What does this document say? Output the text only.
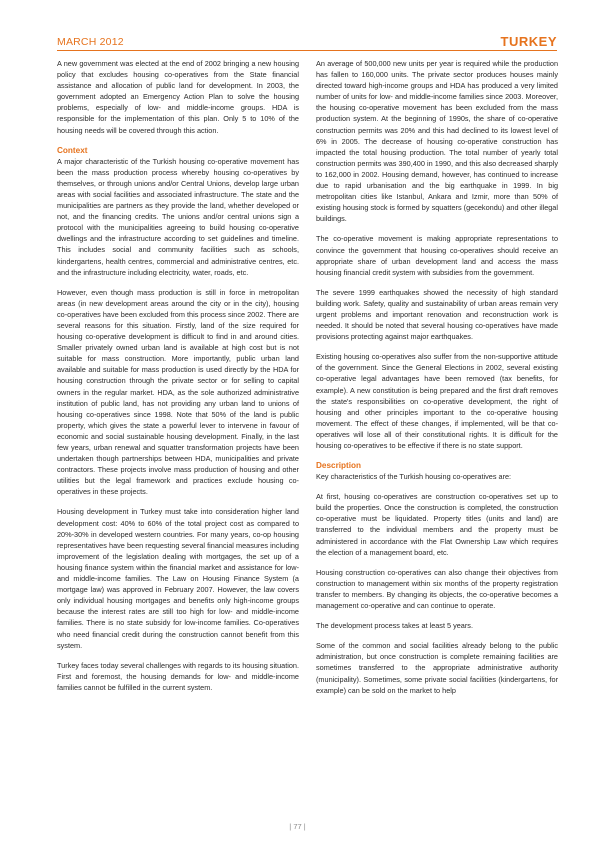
MARCH 2012	TURKEY

A new government was elected at the end of 2002 bringing a new housing policy that excludes housing co-operatives from the State financial assistance and allocation of public land for development. In 2003, the government adopted an Emergency Action Plan to solve the housing problems, especially of low- and middle-income groups. HDA is responsible for the implementation of this plan. Only 5 to 10% of the housing needs will be covered through this action.

Context

A major characteristic of the Turkish housing co-operative movement has been the mass production process whereby housing co-operatives by themselves, or through unions and/or Central Unions, develop large urban areas with social facilities and associated infrastructure. The state and the municipalities are partners as they provide the land, whether developed or not, and the financing credits. The unions and/or central unions sign a protocol with the municipalities agreeing to build housing co-operative dwellings and the infrastructure according to set guidelines and timeline. This includes social and community facilities such as schools, kindergartens, health centres, commercial and administrative centres, etc. and the infrastructure including electricity, water, roads, etc.

However, even though mass production is still in force in metropolitan areas (in new development areas around the city or in the city), housing co-operatives have been excluded from this process since 2002. There are several reasons for this situation. Firstly, land of the size required for housing co-operative development is difficult to find in and around cities. Smaller privately owned urban land is available at high cost but is not suitable for mass construction. More importantly, public urban land available and suitable for mass production is used directly by the HDA for housing construction through the private sector or for selling to capital owners in the regular market. HDA, as the sole authorized administrative institution of public land, has not providing any urban land to unions of housing co-operatives since 1998. Note that 50% of the land is public property, which gives the state a powerful lever to intervene in favour of economic and social sustainable housing development. Finally, in the last few years, urban renewal and squatter transformation projects have been undertaken though partnerships between HDA, municipalities and private contractors. These projects involve mass production of housing and other utilities but the legal framework and practices exclude housing co-operatives in these projects.

Housing development in Turkey must take into consideration higher land development cost: 40% to 60% of the total project cost as compared to 20%-30% in developed western countries. For many years, co-op housing representatives have been requesting several financial measures including improvement of the legislation dealing with mortgages, the set up of a housing finance system within the financial market and assistance for low-and middle-income families. The Law on Housing Finance System (a mortgage law) was approved in February 2007. However, the law covers only individual housing mortgages and benefits only high-income groups because the interest rates are still too high for low- and middle-income families. There is no state subsidy for low-income families. Co-operatives who need financial credit during the construction cannot benefit from this system.

Turkey faces today several challenges with regards to its housing situation. First and foremost, the housing demands for low- and middle-income families cannot be fulfilled in the current system.

An average of 500,000 new units per year is required while the production has fallen to 160,000 units. The private sector produces houses mainly directed toward high-income groups and HDA has produced a very limited number of units for low- and middle-income families since 2003. Moreover, the housing co-operative movement has been excluded from the mass production system. At the beginning of 1990s, the share of co-operative construction permits was 20% and this had declined to its lowest level of 6% in 2005. The decrease of housing co-operative construction has impacted the total housing production. The total number of yearly total construction permits was 390,400 in 1990, and this also decreased sharply to 162,000 in 2002. Housing demand, however, has continued to increase due to rapid urbanisation and the big earthquake in 1999. In big metropolitan cities like Istanbul, Ankara and Izmir, more than 50% of existing housing stock is formed by squatters (gecekondu) and other illegal buildings.

The co-operative movement is making appropriate representations to convince the government that housing co-operatives should receive an appropriate share of urban development land and access the mass housing financial credit system with subsidies from the government.

The severe 1999 earthquakes showed the necessity of high standard building work. Safety, quality and sustainability of urban areas remain very urgent problems and important renovation and reconstruction work is needed. It should be noted that several housing co-operatives have made provisions protecting against major earthquakes.

Existing housing co-operatives also suffer from the non-supportive attitude of the government. Since the General Elections in 2002, several existing co-operative legal advantages have been removed (tax benefits, for example). A new constitution is being prepared and the first draft removes the state's responsibilities on co-operative development, the right of housing and other principles important to the co-operative housing movement. The effect of these changes, if implemented, will be that co-operatives will lose all of their constitutional rights. It is difficult for the housing co-operatives to be effective if there is no state support.

Description

Key characteristics of the Turkish housing co-operatives are:

At first, housing co-operatives are construction co-operatives set up to build the properties. Once the construction is completed, the construction co-operative must be liquidated. Property titles (units and land) are transferred to the individual members and the property must be administered in accordance with the Flat Ownership Law which requires the election of a management board, etc.

Housing construction co-operatives can also change their objectives from construction to management within six months of the property registration transfer to members. By changing its objects, the co-operative becomes a management co-operative and can continue to operate.

The development process takes at least 5 years.

Some of the common and social facilities already belong to the public administration, but once construction is complete remaining facilities are sometimes transferred to the appropriate administrative authority (municipality). Sometimes, some private social facilities (kindergartens, for example) can be sold on the market to help

| 77 |
